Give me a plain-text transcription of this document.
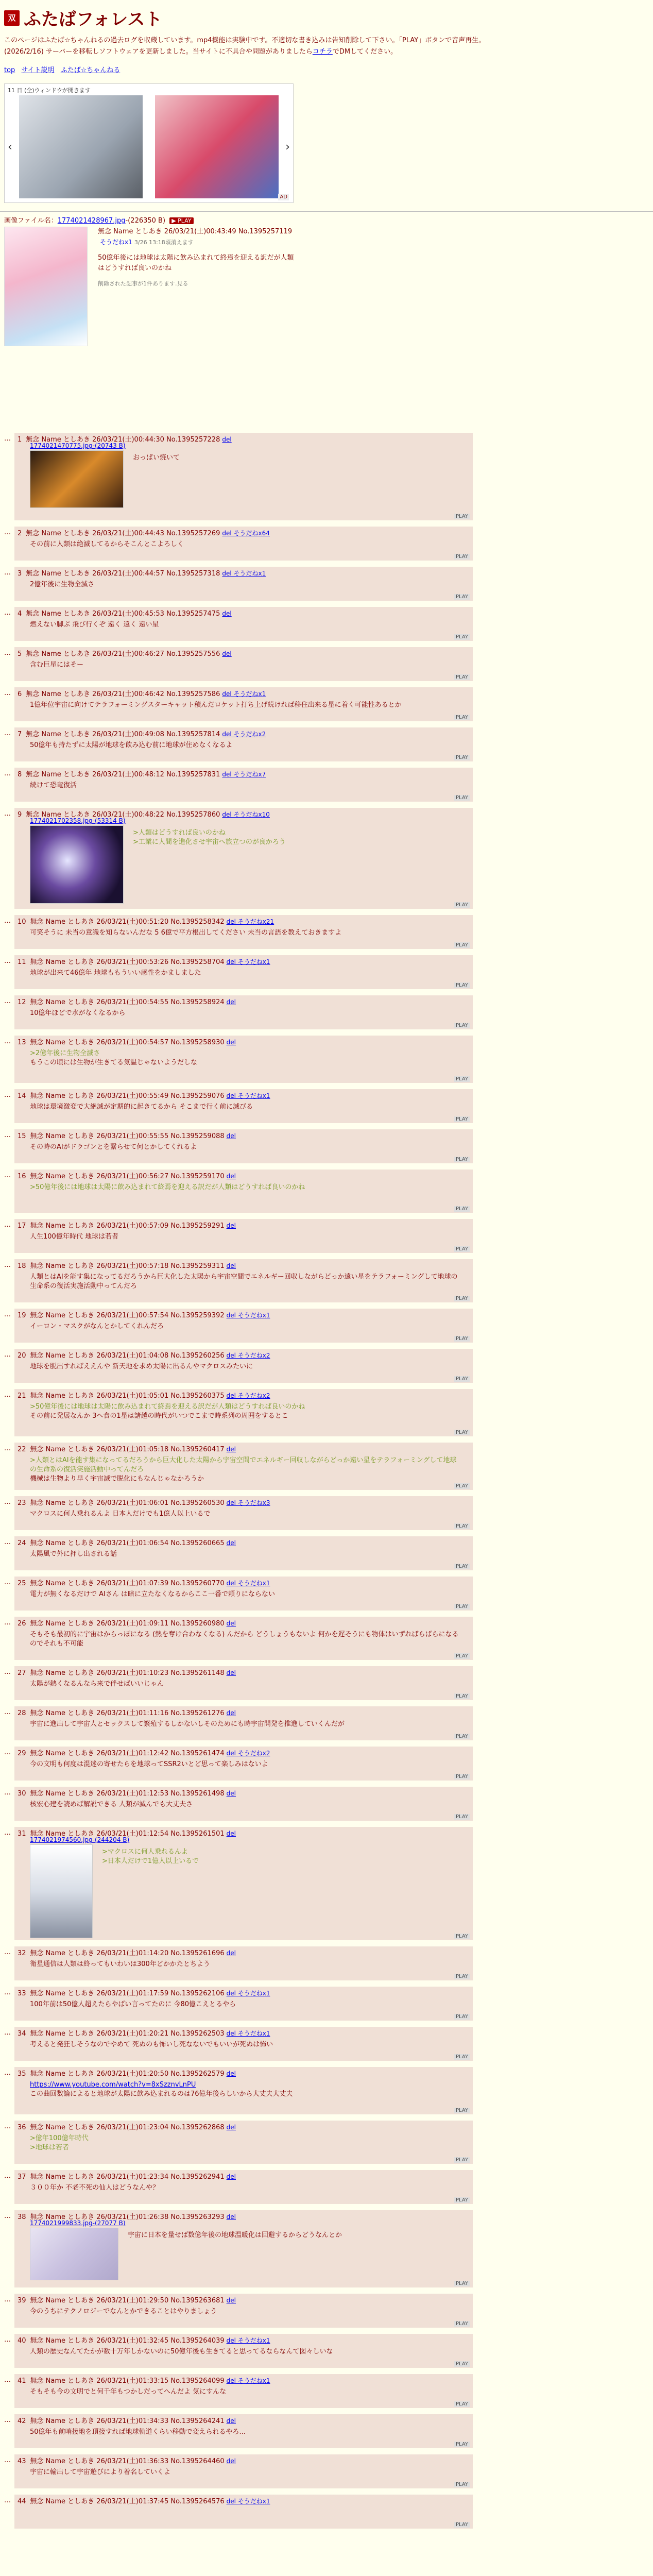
双 ふたばフォレスト

このページはふたば☆ちゃんねるの過去ログを収蔵しています。mp4機能は実験中です。不適切な書き込みは告知削除して下さい。「PLAY」ボタンで音声再生。

(2026/2/16) サーバーを移転しソフトウェアを更新しました。当サイトに不具合や問題がありましたらコチラでDMしてください。

top サイト説明 ふたば☆ちゃんねる
11 日 (全)ウィンドウが開きます
‹	›
AD
画像ファイル名：1774021428967.jpg-(226350 B) ▶ PLAY
無念 Name としあき 26/03/21(土)00:43:49 No.1395257119
そうだねx1 3/26 13:18頃消えます
50億年後には地球は太陽に飲み込まれて終焉を迎える訳だが人類
はどうすれば良いのかね
削除された記事が1件あります.見る
… 1 無念 Name としあき 26/03/21(土)00:44:30 No.1395257228 del
1774021470775.jpg-(20743 B)
おっぱい焼いて
PLAY
… 2 無念 Name としあき 26/03/21(土)00:44:43 No.1395257269 del そうだねx64
その前に人類は絶滅してるからそこんとこよろしく
PLAY
… 3 無念 Name としあき 26/03/21(土)00:44:57 No.1395257318 del そうだねx1
2億年後に生物全滅さ
PLAY
… 4 無念 Name としあき 26/03/21(土)00:45:53 No.1395257475 del
燃えない脚ぶ 飛び行くぞ 遠く 遠く 遠い星
PLAY
… 5 無念 Name としあき 26/03/21(土)00:46:27 No.1395257556 del
含む巨星にはそー
PLAY
… 6 無念 Name としあき 26/03/21(土)00:46:42 No.1395257586 del そうだねx1
1億年位宇宙に向けてテラフォーミングスターキャット積んだロケット打ち上げ続ければ移住出来る星に着く可能性あるとか
PLAY
… 7 無念 Name としあき 26/03/21(土)00:49:08 No.1395257814 del そうだねx2
50億年も持たずに太陽が地球を飲み込む前に地球が住めなくなるよ
PLAY
… 8 無念 Name としあき 26/03/21(土)00:48:12 No.1395257831 del そうだねx7
続けて恐竜復活
PLAY
… 9 無念 Name としあき 26/03/21(土)00:48:22 No.1395257860 del そうだねx10
1774021702358.jpg-(53314 B)
>人類はどうすれば良いのかね
>工業に人間を進化させ宇宙へ旅立つのが良かろう
PLAY
… 10 無念 Name としあき 26/03/21(土)00:51:20 No.1395258342 del そうだねx21
可笑そうに 未当の意識を知らないんだな 5 6億で平方根出してください 未当の言語を教えておきますよ
PLAY
… 11 無念 Name としあき 26/03/21(土)00:53:26 No.1395258704 del そうだねx1
地球が出来て46億年 地球ももういい感性をかましました
PLAY
… 12 無念 Name としあき 26/03/21(土)00:54:55 No.1395258924 del
10億年ほどで水がなくなるから
PLAY
… 13 無念 Name としあき 26/03/21(土)00:54:57 No.1395258930 del
>2億年後に生物全滅さ
もうこの頃には生物が生きてる気温じゃないようだしな
PLAY
… 14 無念 Name としあき 26/03/21(土)00:55:49 No.1395259076 del そうだねx1
地球は環境激変で大絶滅が定期的に起きてるから そこまで行く前に滅びる
PLAY
… 15 無念 Name としあき 26/03/21(土)00:55:55 No.1395259088 del
その時のAIがドラゴンとを繋らせて何とかしてくれるよ
PLAY
… 16 無念 Name としあき 26/03/21(土)00:56:27 No.1395259170 del
>50億年後には地球は太陽に飲み込まれて終焉を迎える訳だが人類はどうすれば良いのかね
PLAY
… 17 無念 Name としあき 26/03/21(土)00:57:09 No.1395259291 del
人生100億年時代 地球は若者
PLAY
… 18 無念 Name としあき 26/03/21(土)00:57:18 No.1395259311 del
人類とはAIを能す集になってるだろうから巨大化した太陽から宇宙空間でエネルギー回収しながらどっか遠い星をテラフォーミングして地球の生命系の復活実施活動中ってんだろ
PLAY
… 19 無念 Name としあき 26/03/21(土)00:57:54 No.1395259392 del そうだねx1
イーロン・マスクがなんとかしてくれんだろ
PLAY
… 20 無念 Name としあき 26/03/21(土)01:04:08 No.1395260256 del そうだねx2
地球を脱出すればええんや 新天地を求め太陽に出るんやマクロスみたいに
PLAY
… 21 無念 Name としあき 26/03/21(土)01:05:01 No.1395260375 del そうだねx2
>50億年後には地球は太陽に飲み込まれて終焉を迎える訳だが人類はどうすれば良いのかね
その前に発展なんか 3ヘ食の1星は諸越の時代がいつでこまで時系列の周囲をするとこ
PLAY
… 22 無念 Name としあき 26/03/21(土)01:05:18 No.1395260417 del
>人類とはAIを能す集になってるだろうから巨大化した太陽から宇宙空間でエネルギー回収しながらどっか遠い星をテラフォーミングして地球の生命系の復活実施活動中ってんだろ
機械は生物より早く宇宙滅で脱化にもなんじゃなかろうか
PLAY
… 23 無念 Name としあき 26/03/21(土)01:06:01 No.1395260530 del そうだねx3
マクロスに何人乗れるんよ 日本人だけでも1億人以上いるで
PLAY
… 24 無念 Name としあき 26/03/21(土)01:06:54 No.1395260665 del
太陽風で外に押し出される話
PLAY
… 25 無念 Name としあき 26/03/21(土)01:07:39 No.1395260770 del そうだねx1
電力が無くなるだけで AIさん は暗に立たなくなるからここ一番で頼りにならない
PLAY
… 26 無念 Name としあき 26/03/21(土)01:09:11 No.1395260980 del
そもそも最初的に宇宙はからっぽになる (熱を奪け合わなくなる) んだから どうしょうもないよ 何かを遅そうにも物体はいずればらばらになるのでそれも不可能
PLAY
… 27 無念 Name としあき 26/03/21(土)01:10:23 No.1395261148 del
太陽が熱くなるんなら来で伴せばいいじゃん
PLAY
… 28 無念 Name としあき 26/03/21(土)01:11:16 No.1395261276 del
宇宙に進出して宇宙人とセックスして繁殖するしかないしそのためにも時宇宙開発を推進していくんだが
PLAY
… 29 無念 Name としあき 26/03/21(土)01:12:42 No.1395261474 del そうだねx2
今の文明も何度は混迷の寄せたらを地球ってSSR2いとど思って楽しみはないよ
PLAY
… 30 無念 Name としあき 26/03/21(土)01:12:53 No.1395261498 del
核宏心建を読めば解説できる 人類が滅んでも大丈夫さ
PLAY
… 31 無念 Name としあき 26/03/21(土)01:12:54 No.1395261501 del
1774021974560.jpg-(244204 B)
>マクロスに何人乗れるんよ
>日本人だけで1億人以上いるで
PLAY
… 32 無念 Name としあき 26/03/21(土)01:14:20 No.1395261696 del
衛星通信は人類は終ってもいわいは300年どかかたとちよう
PLAY
… 33 無念 Name としあき 26/03/21(土)01:17:59 No.1395262106 del そうだねx1
100年前は50億人超えたらやばい言ってたのに 今80億こえとるやら
PLAY
… 34 無念 Name としあき 26/03/21(土)01:20:21 No.1395262503 del そうだねx1
考えると発狂しそうなのでやめて 死ぬのも怖いし死なないでもいいが死ぬは怖い
PLAY
… 35 無念 Name としあき 26/03/21(土)01:20:50 No.1395262579 del
https://www.youtube.com/watch?v=8xSzznvLnPU
この曲回数論によると地球が太陽に飲み込まれるのは76億年後らしいから大丈夫大丈夫
PLAY
… 36 無念 Name としあき 26/03/21(土)01:23:04 No.1395262868 del
>億年100億年時代
>地球は若者
PLAY
… 37 無念 Name としあき 26/03/21(土)01:23:34 No.1395262941 del
３００年か 不老不死の仙人はどうなんや？
PLAY
… 38 無念 Name としあき 26/03/21(土)01:26:38 No.1395263293 del
1774021999833.jpg-(27077 B)
宇宙に日本を量せば数億年後の地球温暖化は回避するからどうなんとか
PLAY
… 39 無念 Name としあき 26/03/21(土)01:29:50 No.1395263681 del
今のうちにテクノロジーでなんとかできることはやりましょう
PLAY
… 40 無念 Name としあき 26/03/21(土)01:32:45 No.1395264039 del そうだねx1
人類の歴史なんてたかが数十万年しかないのに50億年後も生きてると思ってるならなんて図々しいな
PLAY
… 41 無念 Name としあき 26/03/21(土)01:33:15 No.1395264099 del そうだねx1
そもそも今の文明でと何千年もつかしだってへんだよ 気にすんな
PLAY
… 42 無念 Name としあき 26/03/21(土)01:34:33 No.1395264241 del
50億年も前哨接地を頂接すれば地球軌道くらい移動で変えられるやろ...
PLAY
… 43 無念 Name としあき 26/03/21(土)01:36:33 No.1395264460 del
宇宙に輸出して宇宙遊びにより着名していくよ
PLAY
… 44 無念 Name としあき 26/03/21(土)01:37:45 No.1395264576 del そうだねx1
PLAY
